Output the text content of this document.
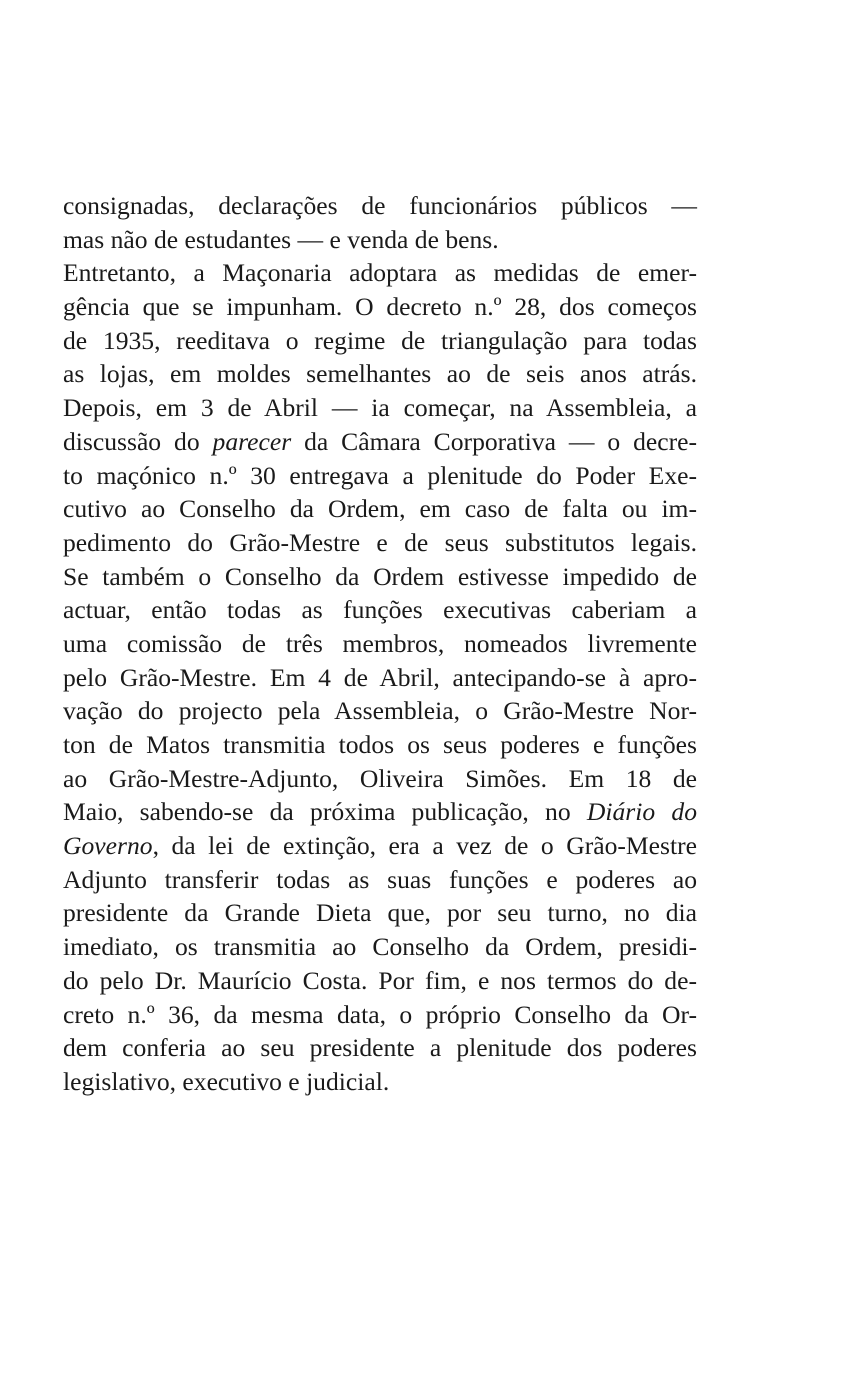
consignadas, declarações de funcionários públicos —
mas não de estudantes — e venda de bens.
Entretanto, a Maçonaria adoptara as medidas de emer-
gência que se impunham. O decreto n.º 28, dos começos
de 1935, reeditava o regime de triangulação para todas
as lojas, em moldes semelhantes ao de seis anos atrás.
Depois, em 3 de Abril — ia começar, na Assembleia, a
discussão do parecer da Câmara Corporativa — o decre-
to maçónico n.º 30 entregava a plenitude do Poder Exe-
cutivo ao Conselho da Ordem, em caso de falta ou im-
pedimento do Grão-Mestre e de seus substitutos legais.
Se também o Conselho da Ordem estivesse impedido de
actuar, então todas as funções executivas caberiam a
uma comissão de três membros, nomeados livremente
pelo Grão-Mestre. Em 4 de Abril, antecipando-se à apro-
vação do projecto pela Assembleia, o Grão-Mestre Nor-
ton de Matos transmitia todos os seus poderes e funções
ao Grão-Mestre-Adjunto, Oliveira Simões. Em 18 de
Maio, sabendo-se da próxima publicação, no Diário do
Governo, da lei de extinção, era a vez de o Grão-Mestre
Adjunto transferir todas as suas funções e poderes ao
presidente da Grande Dieta que, por seu turno, no dia
imediato, os transmitia ao Conselho da Ordem, presidi-
do pelo Dr. Maurício Costa. Por fim, e nos termos do de-
creto n.º 36, da mesma data, o próprio Conselho da Or-
dem conferia ao seu presidente a plenitude dos poderes
legislativo, executivo e judicial.
